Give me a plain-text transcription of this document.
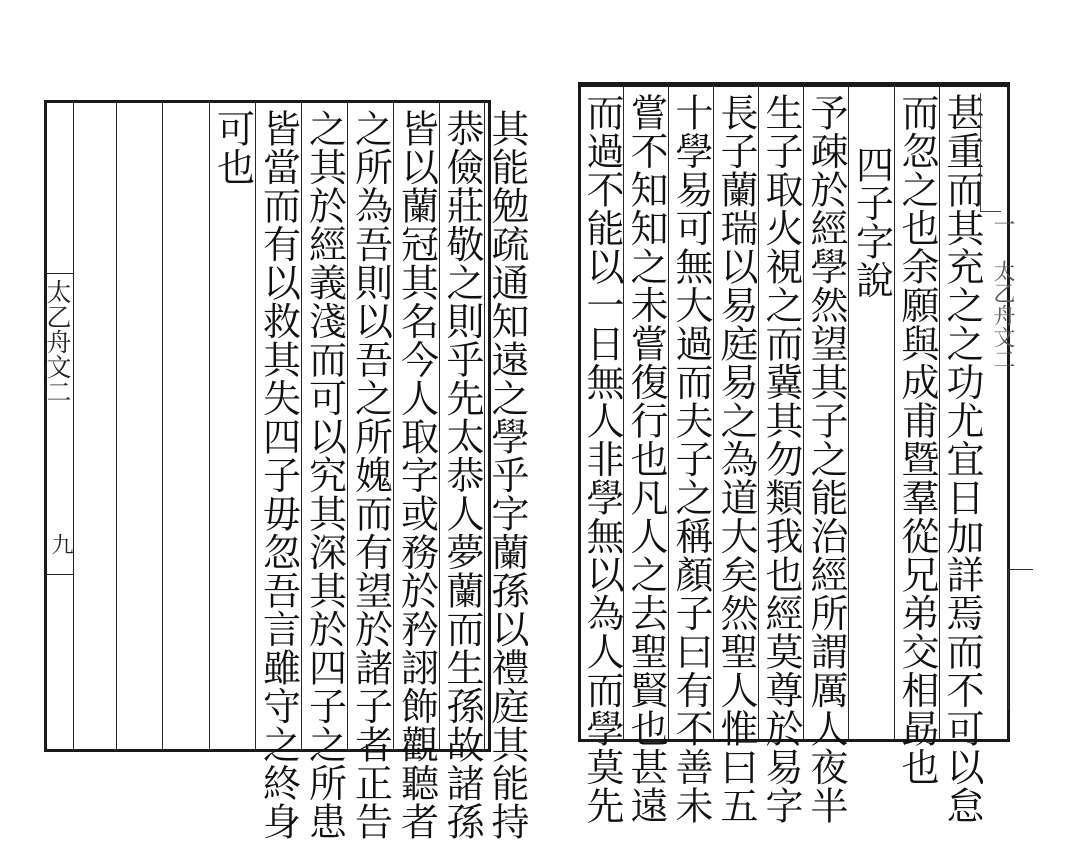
太乙舟文二
九
可也 皆當而有以救其失四子毋忽吾言雖守之終身 之其於經義淺而可以究其深其於四子之所患 之所為吾則以吾之所媿而有望於諸子者正告 皆以蘭冠其名今人取字或務於矜詡飾觀聽者 恭儉莊敬之則乎先太恭人夢蘭而生孫故諸孫 其能勉疏通知遠之學乎字蘭孫以禮庭其能持 而過不能以一日無人非學無以為人而學莫先 嘗不知知之未嘗復行也凡人之去聖賢也甚遠 十學易可無大過而夫子之稱顏子曰有不善未 長子蘭瑞以易庭易之為道大矣然聖人惟曰五 生子取火視之而冀其勿類我也經莫尊於易字 予疎於經學然望其子之能治經所謂厲人夜半 四子字說 而忽之也余願與成甫暨羣從兄弟交相勗也 甚重而其充之之功尤宜日加詳焉而不可以怠 一 太乙舟文二
